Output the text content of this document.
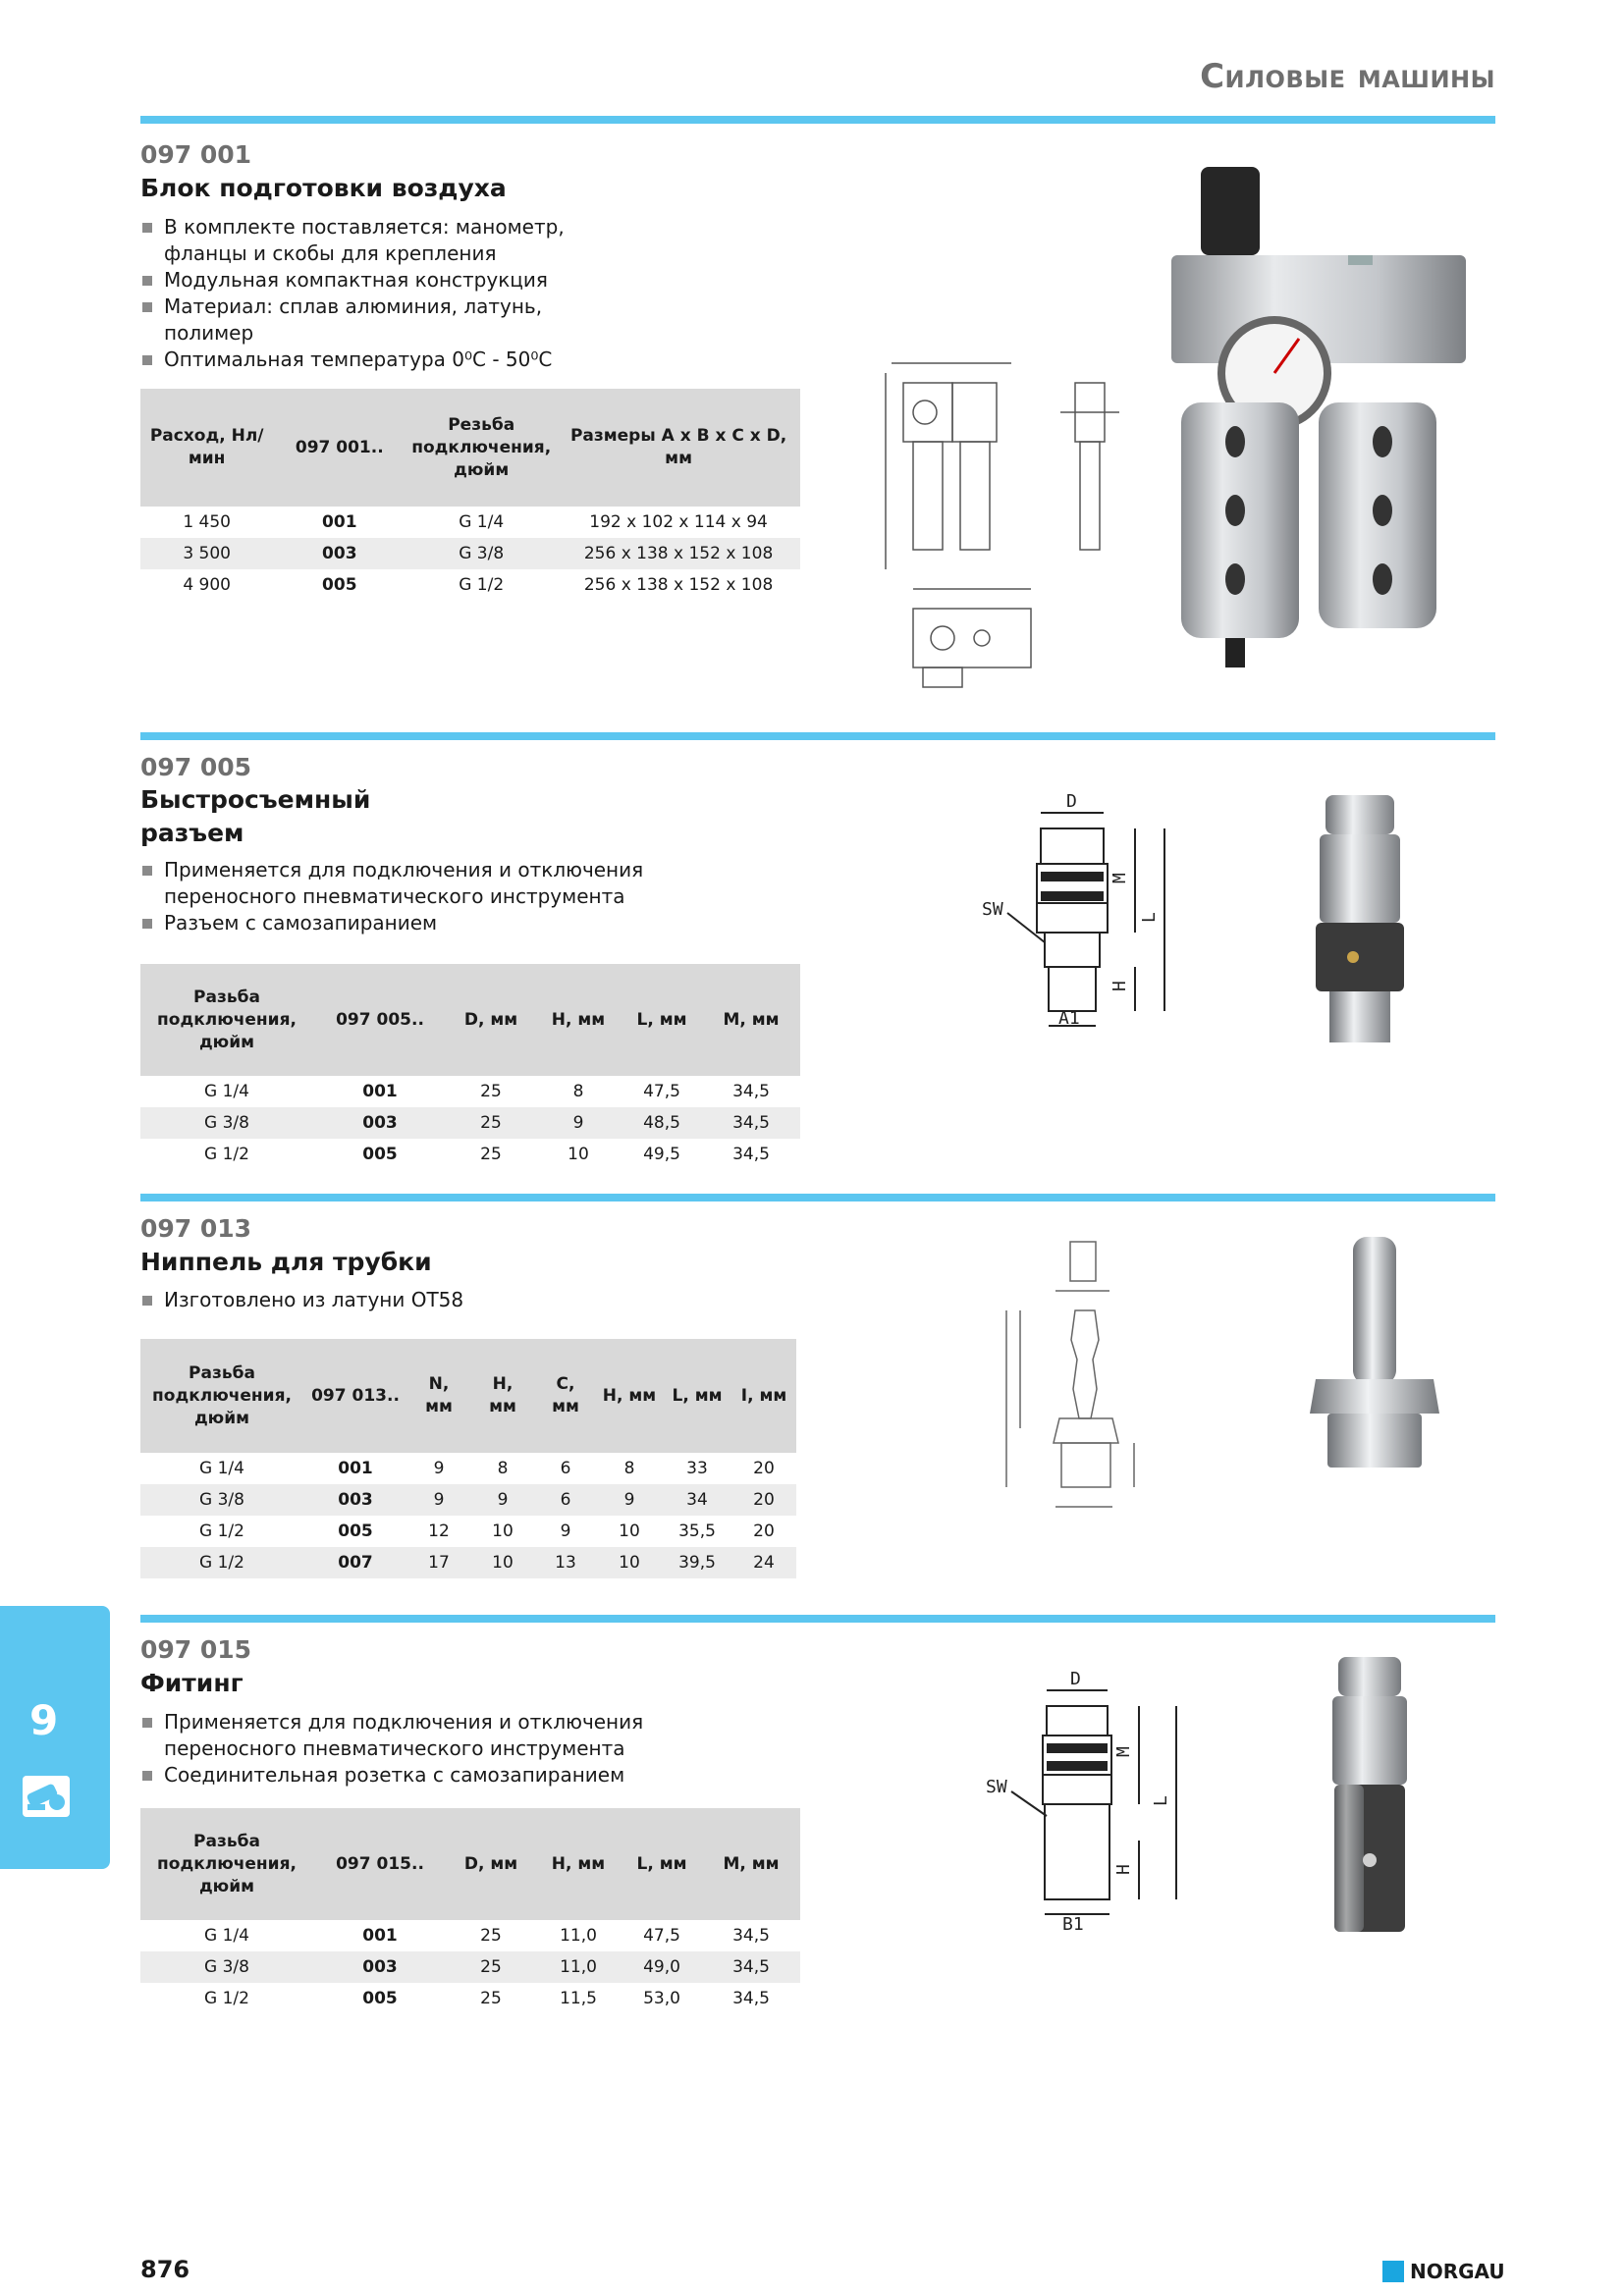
Силовые машины
097 001
Блок подготовки воздуха
В комплекте поставляется: манометр, фланцы и скобы для крепления
Модульная компактная конструкция
Материал: сплав алюминия, латунь, полимер
Оптимальная температура 0⁰С - 50⁰С
Расход, Нл/мин	097 001..	Резьба подключения, дюйм	Размеры A x B x C x D, мм
1 450	001	G 1/4	192 x 102 x 114 x 94
3 500	003	G 3/8	256 x 138 x 152 x 108
4 900	005	G 1/2	256 x 138 x 152 x 108
097 005
Быстросъемный разъем
Применяется для подключения и отключения переносного пневматического инструмента
Разъем с самозапиранием
Разьба подключения, дюйм	097 005..	D, мм	H, мм	L, мм	M, мм
G 1/4	001	25	8	47,5	34,5
G 3/8	003	25	9	48,5	34,5
G 1/2	005	25	10	49,5	34,5
D
M
L
H
SW
A1
097 013
Ниппель для трубки
Изготовлено из латуни ОТ58
Разьба подключения, дюйм	097 013..	N, мм	H, мм	C, мм	H, мм	L, мм	I, мм
G 1/4	001	9	8	6	8	33	20
G 3/8	003	9	9	6	9	34	20
G 1/2	005	12	10	9	10	35,5	20
G 1/2	007	17	10	13	10	39,5	24
097 015
Фитинг
Применяется для подключения и отключения переносного пневматического инструмента
Соединительная розетка с самозапиранием
Разьба подключения, дюйм	097 015..	D, мм	H, мм	L, мм	M, мм
G 1/4	001	25	11,0	47,5	34,5
G 3/8	003	25	11,0	49,0	34,5
G 1/2	005	25	11,5	53,0	34,5
D
M
L
H
SW
B1
9
876	NORGAU
